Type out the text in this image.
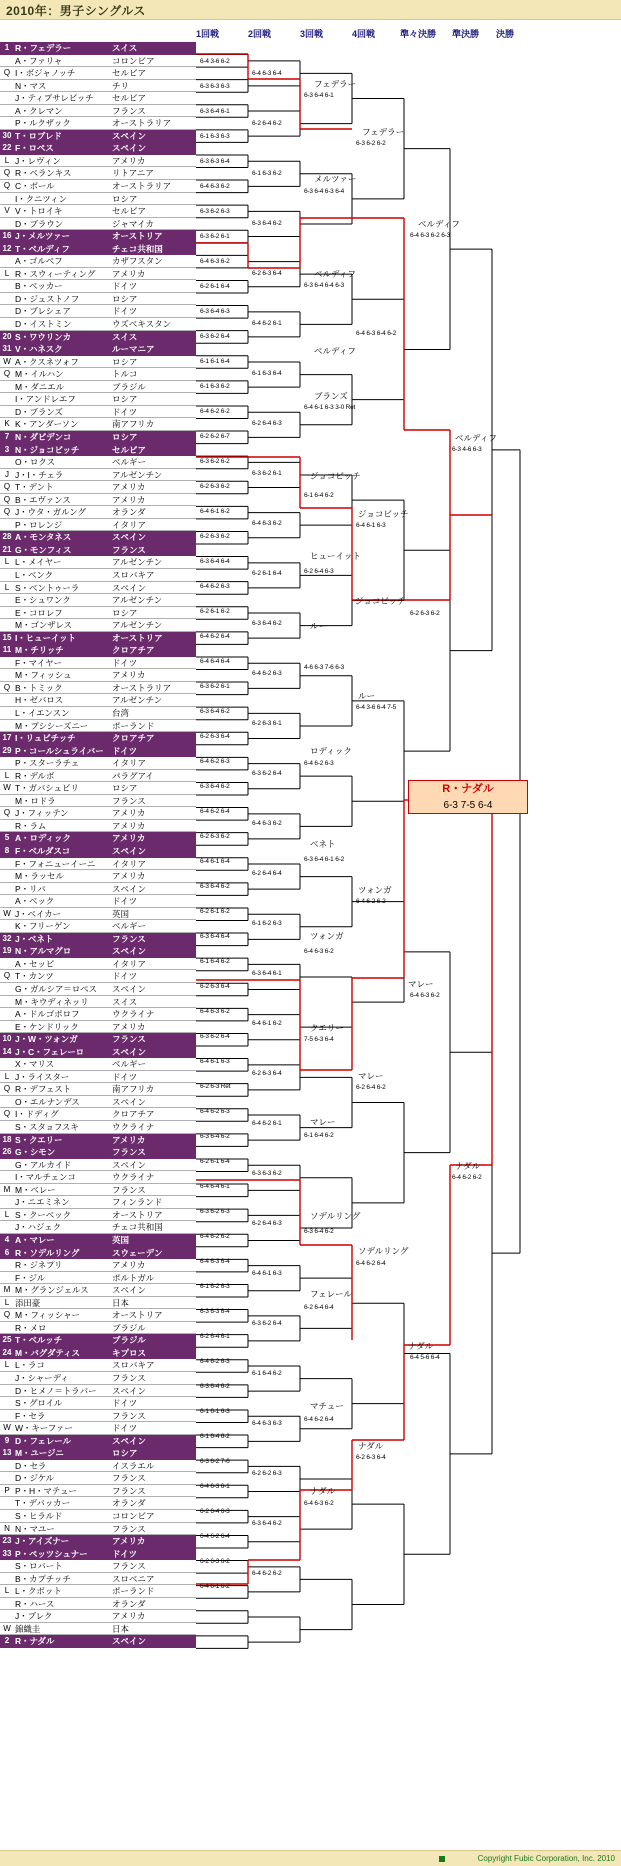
2010年：男子シングルス
1回戦	2回戦	3回戦	4回戦	準々決勝 準決勝 決勝
1 R・フェデラー	スイス
A・ファリャ	コロンビア
Q I・ボジャノッチ	セルビア
N・マス	チリ
J・ティプサレビッチ セルビア
A・クレマン	フランス
P・ルクザック	オーストラリア
30 T・ロブレド	スペイン
22 F・ロペス	スペイン
L J・レヴィン	アメリカ
Q R・ベランキス	リトアニア
Q C・ボール	オーストラリア
I・クニツィン	ロシア
V V・トロイキ	セルビア
D・ブラウン	ジャマイカ
16 J・メルツァー	オーストリア
12 T・ベルディフ	チェコ共和国
A・ゴルベフ	カザフスタン
L R・スウィーティング アメリカ
B・ベッカー	ドイツ
D・ジュストノフ	ロシア
D・ブレシェア	ドイツ
D・イストミン	ウズベキスタン
20 S・ワウリンカ	スイス
31 V・ハネスク	ルーマニア
W A・クスネツォフ	ロシア
Q M・イルハン	トルコ
M・ダニエル	ブラジル
I・アンドレエフ	ロシア
D・ブランズ	ドイツ
K K・アンダーソン	南アフリカ
7 N・ダビデンコ	ロシア
3 N・ジョコビッチ	セルビア
O・ロクス	ベルギー
J J・I・チェラ	アルゼンチン
Q T・デント	アメリカ
Q B・エヴァンス	アメリカ
Q J・ウタ・ガルング	オランダ
P・ロレンジ	イタリア
28 A・モンタネス	スペイン
21 G・モンフィス	フランス
L L・メイヤー	アルゼンチン
L・ベンク	スロバキア
L S・ベントゥーラ	スペイン
E・シュワンク	アルゼンチン
E・コロレフ	ロシア
M・ゴンザレス	アルゼンチン
15 I・ヒューイット	オーストリア
11 M・チリッチ	クロアチア
F・マイヤー	ドイツ
M・フィッシュ	アメリカ
Q B・トミック	オーストラリア
H・ゼバロス	アルゼンチン
L・イエンスン	台湾
M・プシシーズニー	ポーランド
17 I・リュビチッチ	クロアチア
29 P・コールシュライバー ドイツ
P・スターラチェ	イタリア
L R・デルボ	パラグアイ
W T・ガバシュビリ	ロシア
M・ロドラ	フランス
Q J・フィッテン	アメリカ
R・ラム	アメリカ
5 A・ロディック	アメリカ
8 F・ベルダスコ	スペイン
F・フォニューイーニ イタリア
M・ラッセル	アメリカ
P・リバ	スペイン
A・ベック	ドイツ
W J・ベイカー	英国
K・フリーゲン	ベルギー
32 J・ベネト	フランス
19 N・アルマグロ	スペイン
A・セッピ	イタリア
Q T・カンツ	ドイツ
G・ガルシア＝ロペス スペイン
M・キウディネッリ	スイス
A・ドルゴポロフ	ウクライナ
E・ケンドリック	アメリカ
10 J・W・ツォンガ	フランス
14 J・C・フェレーロ	スペイン
X・マリス	ベルギー
L J・ライスター	ドイツ
Q R・デフェスト	南アフリカ
O・エルナンデス	スペイン
Q I・ドディグ	クロアチア
S・スタョフスキ	ウクライナ
18 S・クエリー	アメリカ
26 G・シモン	フランス
G・アルカイド	スペイン
I・マルチェンコ	ウクライナ
M M・ベレー	フランス
J・ニエミネン	フィンランド
L S・クーベック	オーストリア
J・ハジェク	チェコ共和国
4 A・マレー	英国
6 R・ソデルリング	スウェーデン
R・ジネプリ	アメリカ
F・ジル	ポルトガル
M M・グランジェルス	スペイン
L 添田豪	日本
Q M・フィッシャー	オーストリア
R・メロ	ブラジル
25 T・ベルッチ	ブラジル
24 M・バグダティス	キプロス
L L・ラコ	スロバキア
J・シャーディ	フランス
D・ヒメノ＝トラバー スペイン
S・グロイル	ドイツ
F・セラ	フランス
W W・キーファー	ドイツ
9 D・フェレール	スペイン
13 M・ユージニ	ロシア
D・セラ	イスラエル
D・ジケル	フランス
P P・H・マテュー	フランス
T・デバッカー	オランダ
S・ヒラルド	コロンビア
N N・マユー	フランス
23 J・アイズナー	アメリカ
33 P・ペッツシュナー	ドイツ
S・ロバート	フランス
B・カプチッチ	スロベニア
L L・クボット	ポーランド
R・ハース	オランダ
J・ブレク	アメリカ
W 錦織圭	日本
2 R・ナダル	スペイン
6-4 3-6 6-2
6-3 6-3 6-3
6-3 6-4 6-1
6-1 6-3 6-3
6-3 6-3 6-4
6-4 6-3 6-2
6-3 6-2 6-3
6-3 6-2 6-1
6-4 6-3 6-2
6-2 6-1 6-4
6-3 6-4 6-3
6-3 6-2 6-4
6-1 6-1 6-4
6-1 6-3 6-2
6-4 6-2 6-2
6-2 6-2 6-7
6-3 6-2 6-2
6-2 6-3 6-2
6-4 6-1 6-2
6-2 6-3 6-2
6-3 6-4 6-4
6-4 6-2 6-3
6-2 6-1 6-2
6-4 6-2 6-4
6-4 6-4 6-4
6-3 6-2 6-1
6-3 6-4 6-2
6-2 6-3 6-4
6-4 6-2 6-3
6-3 6-4 6-2
6-4 6-2 6-4
6-2 6-3 6-2
6-4 6-1 6-4
6-3 6-4 6-2
6-2 6-1 6-2
6-3 6-4 6-4
6-1 6-4 6-2
6-2 6-3 6-4
6-4 6-3 6-2
6-3 6-2 6-4
6-4 6-1 6-3
6-2 6-3 Ret
6-4 6-2 6-3
6-3 6-4 6-2
6-2 6-1 6-4
6-4 6-4 6-1
6-3 6-2 6-3
6-4 6-2 6-2
6-4 6-3 6-4
6-1 6-2 6-3
6-3 6-3 6-4
6-2 6-4 6-1
6-4 6-2 6-3
6-3 6-4 6-2
6-1 6-1 6-3
6-1 6-4 6-2
6-3 6-2 7-6
6-4 6-3 6-1
6-2 6-4 6-3
6-4 6-2 6-4
6-2 6-3 6-2
6-4 6-1 6-2
6-4 6-3 6-4
6-2 6-4 6-2
6-1 6-3 6-2
6-3 6-4 6-2
6-2 6-3 6-4
6-4 6-2 6-1
6-1 6-3 6-4
6-2 6-4 6-3
6-3 6-2 6-1
6-4 6-3 6-2
6-2 6-1 6-4
6-3 6-4 6-2
6-4 6-2 6-3
6-2 6-3 6-1
6-3 6-2 6-4
6-4 6-3 6-2
6-2 6-4 6-4
6-1 6-2 6-3
6-3 6-4 6-1
6-4 6-1 6-2
6-2 6-3 6-4
6-4 6-2 6-1
6-3 6-3 6-2
6-2 6-4 6-3
6-4 6-1 6-3
6-3 6-2 6-4
6-1 6-4 6-2
6-4 6-3 6-3
6-2 6-2 6-3
6-3 6-4 6-2
6-4 6-2 6-2
6-3 6-4 6-1
6-3 6-4 6-3 6-4
6-3 6-4 6-4 6-3
6-4 6-1 6-3 3-0 Ret
6-1 6-4 6-2
6-2 6-4 6-3
4-6 6-3 7-6 6-3
6-4 6-2 6-3
6-3 6-4 6-1 6-2
6-4 6-3 6-2
7-5 6-3 6-4
6-1 6-4 6-2
6-3 6-4 6-2
6-2 6-4 6-4
6-4 6-2 6-4
6-4 6-3 6-2
6-3 6-2 6-2
6-4 6-3 6-4 6-2
6-4 6-1 6-3
6-4 3-6 6-4 7-5
6-4 6-2 6-2
6-2 6-4 6-2
6-4 6-2 6-4
6-2 6-3 6-4
6-4 6-3 6-2 6-3
6-2 6-3 6-2
6-4 6-3 6-2
6-4 5-6 6-4
6-3 4-6 6-3
6-4 6-2 6-2
フェデラー
メルツァー
フェデラー
ベルディフ
ベルディフ
ブランズ
ベルディフ
ベルディフ
ジョコビッチ
ヒューイット
ジョコビッチ
ルー
ロディック
ルー
ジョコビッチ
ベネト
ツォンガ
ツォンガ
クエリー
マレー
マレー
マレー
ソデルリング
フェレール
ソデルリング
マチュー
ナダル
ナダル
ナダル
ナダル
R・ナダル
6-3 7-5 6-4
Copyright Fubic Corporation, Inc. 2010
